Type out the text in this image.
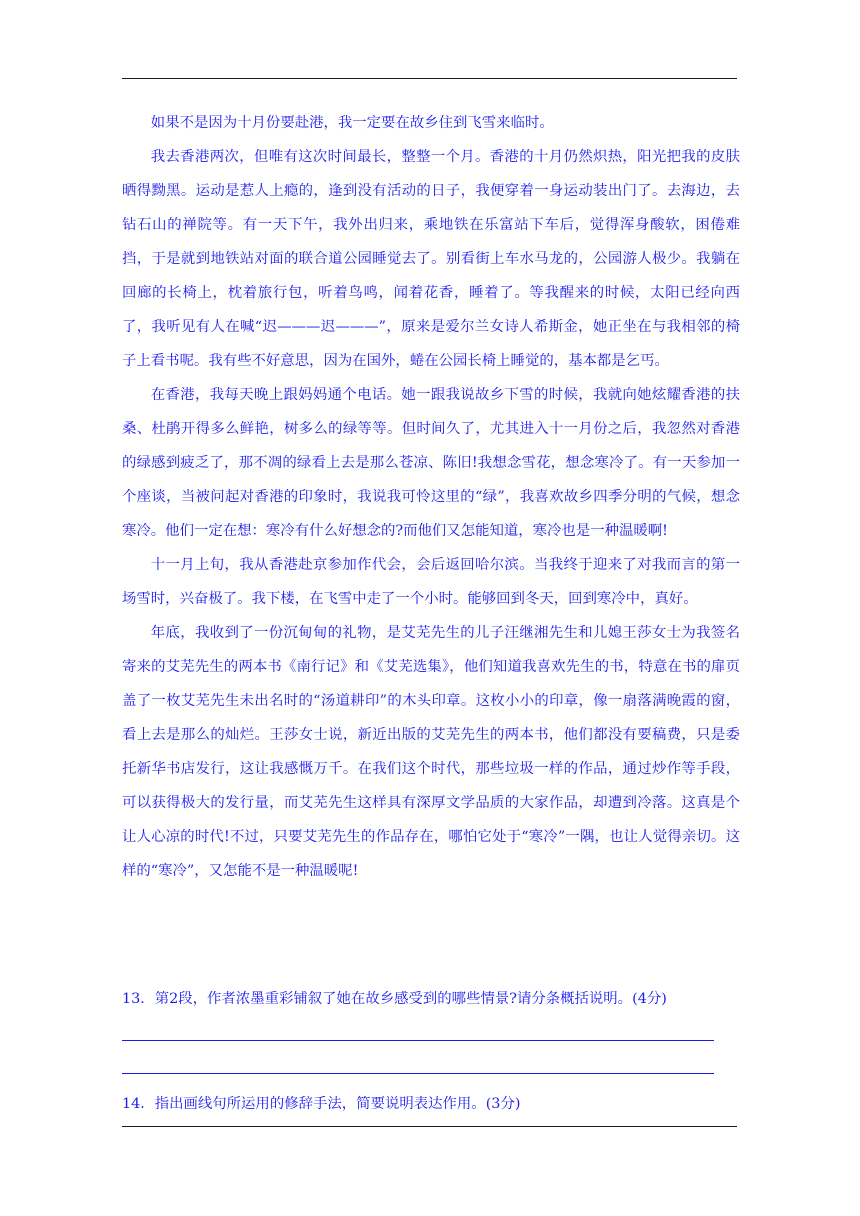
如果不是因为十月份要赴港，我一定要在故乡住到飞雪来临时。

我去香港两次，但唯有这次时间最长，整整一个月。香港的十月仍然炽热，阳光把我的皮肤晒得黝黑。运动是惹人上瘾的，逢到没有活动的日子，我便穿着一身运动装出门了。去海边，去钻石山的禅院等。有一天下午，我外出归来，乘地铁在乐富站下车后，觉得浑身酸软，困倦难挡，于是就到地铁站对面的联合道公园睡觉去了。别看街上车水马龙的，公园游人极少。我躺在回廊的长椅上，枕着旅行包，听着鸟鸣，闻着花香，睡着了。等我醒来的时候，太阳已经向西了，我听见有人在喊“迟———迟———”，原来是爱尔兰女诗人希斯金，她正坐在与我相邻的椅子上看书呢。我有些不好意思，因为在国外，蜷在公园长椅上睡觉的，基本都是乞丐。

在香港，我每天晚上跟妈妈通个电话。她一跟我说故乡下雪的时候，我就向她炫耀香港的扶桑、杜鹃开得多么鲜艳，树多么的绿等等。但时间久了，尤其进入十一月份之后，我忽然对香港的绿感到疲乏了，那不凋的绿看上去是那么苍凉、陈旧!我想念雪花，想念寒冷了。有一天参加一个座谈，当被问起对香港的印象时，我说我可怜这里的“绿”，我喜欢故乡四季分明的气候，想念寒冷。他们一定在想：寒冷有什么好想念的?而他们又怎能知道，寒冷也是一种温暖啊!

十一月上旬，我从香港赴京参加作代会，会后返回哈尔滨。当我终于迎来了对我而言的第一场雪时，兴奋极了。我下楼，在飞雪中走了一个小时。能够回到冬天，回到寒冷中，真好。

年底，我收到了一份沉甸甸的礼物，是艾芜先生的儿子汪继湘先生和儿媳王莎女士为我签名寄来的艾芜先生的两本书《南行记》和《艾芜选集》，他们知道我喜欢先生的书，特意在书的扉页盖了一枚艾芜先生未出名时的“汤道耕印”的木头印章。这枚小小的印章，像一扇落满晚霞的窗，看上去是那么的灿烂。王莎女士说，新近出版的艾芜先生的两本书，他们都没有要稿费，只是委托新华书店发行，这让我感慨万千。在我们这个时代，那些垃圾一样的作品，通过炒作等手段，可以获得极大的发行量，而艾芜先生这样具有深厚文学品质的大家作品，却遭到冷落。这真是个让人心凉的时代!不过，只要艾芜先生的作品存在，哪怕它处于“寒冷”一隅，也让人觉得亲切。这样的“寒冷”，又怎能不是一种温暖呢!

13．第2段，作者浓墨重彩铺叙了她在故乡感受到的哪些情景?请分条概括说明。(4分)

14．指出画线句所运用的修辞手法，简要说明表达作用。(3分)
